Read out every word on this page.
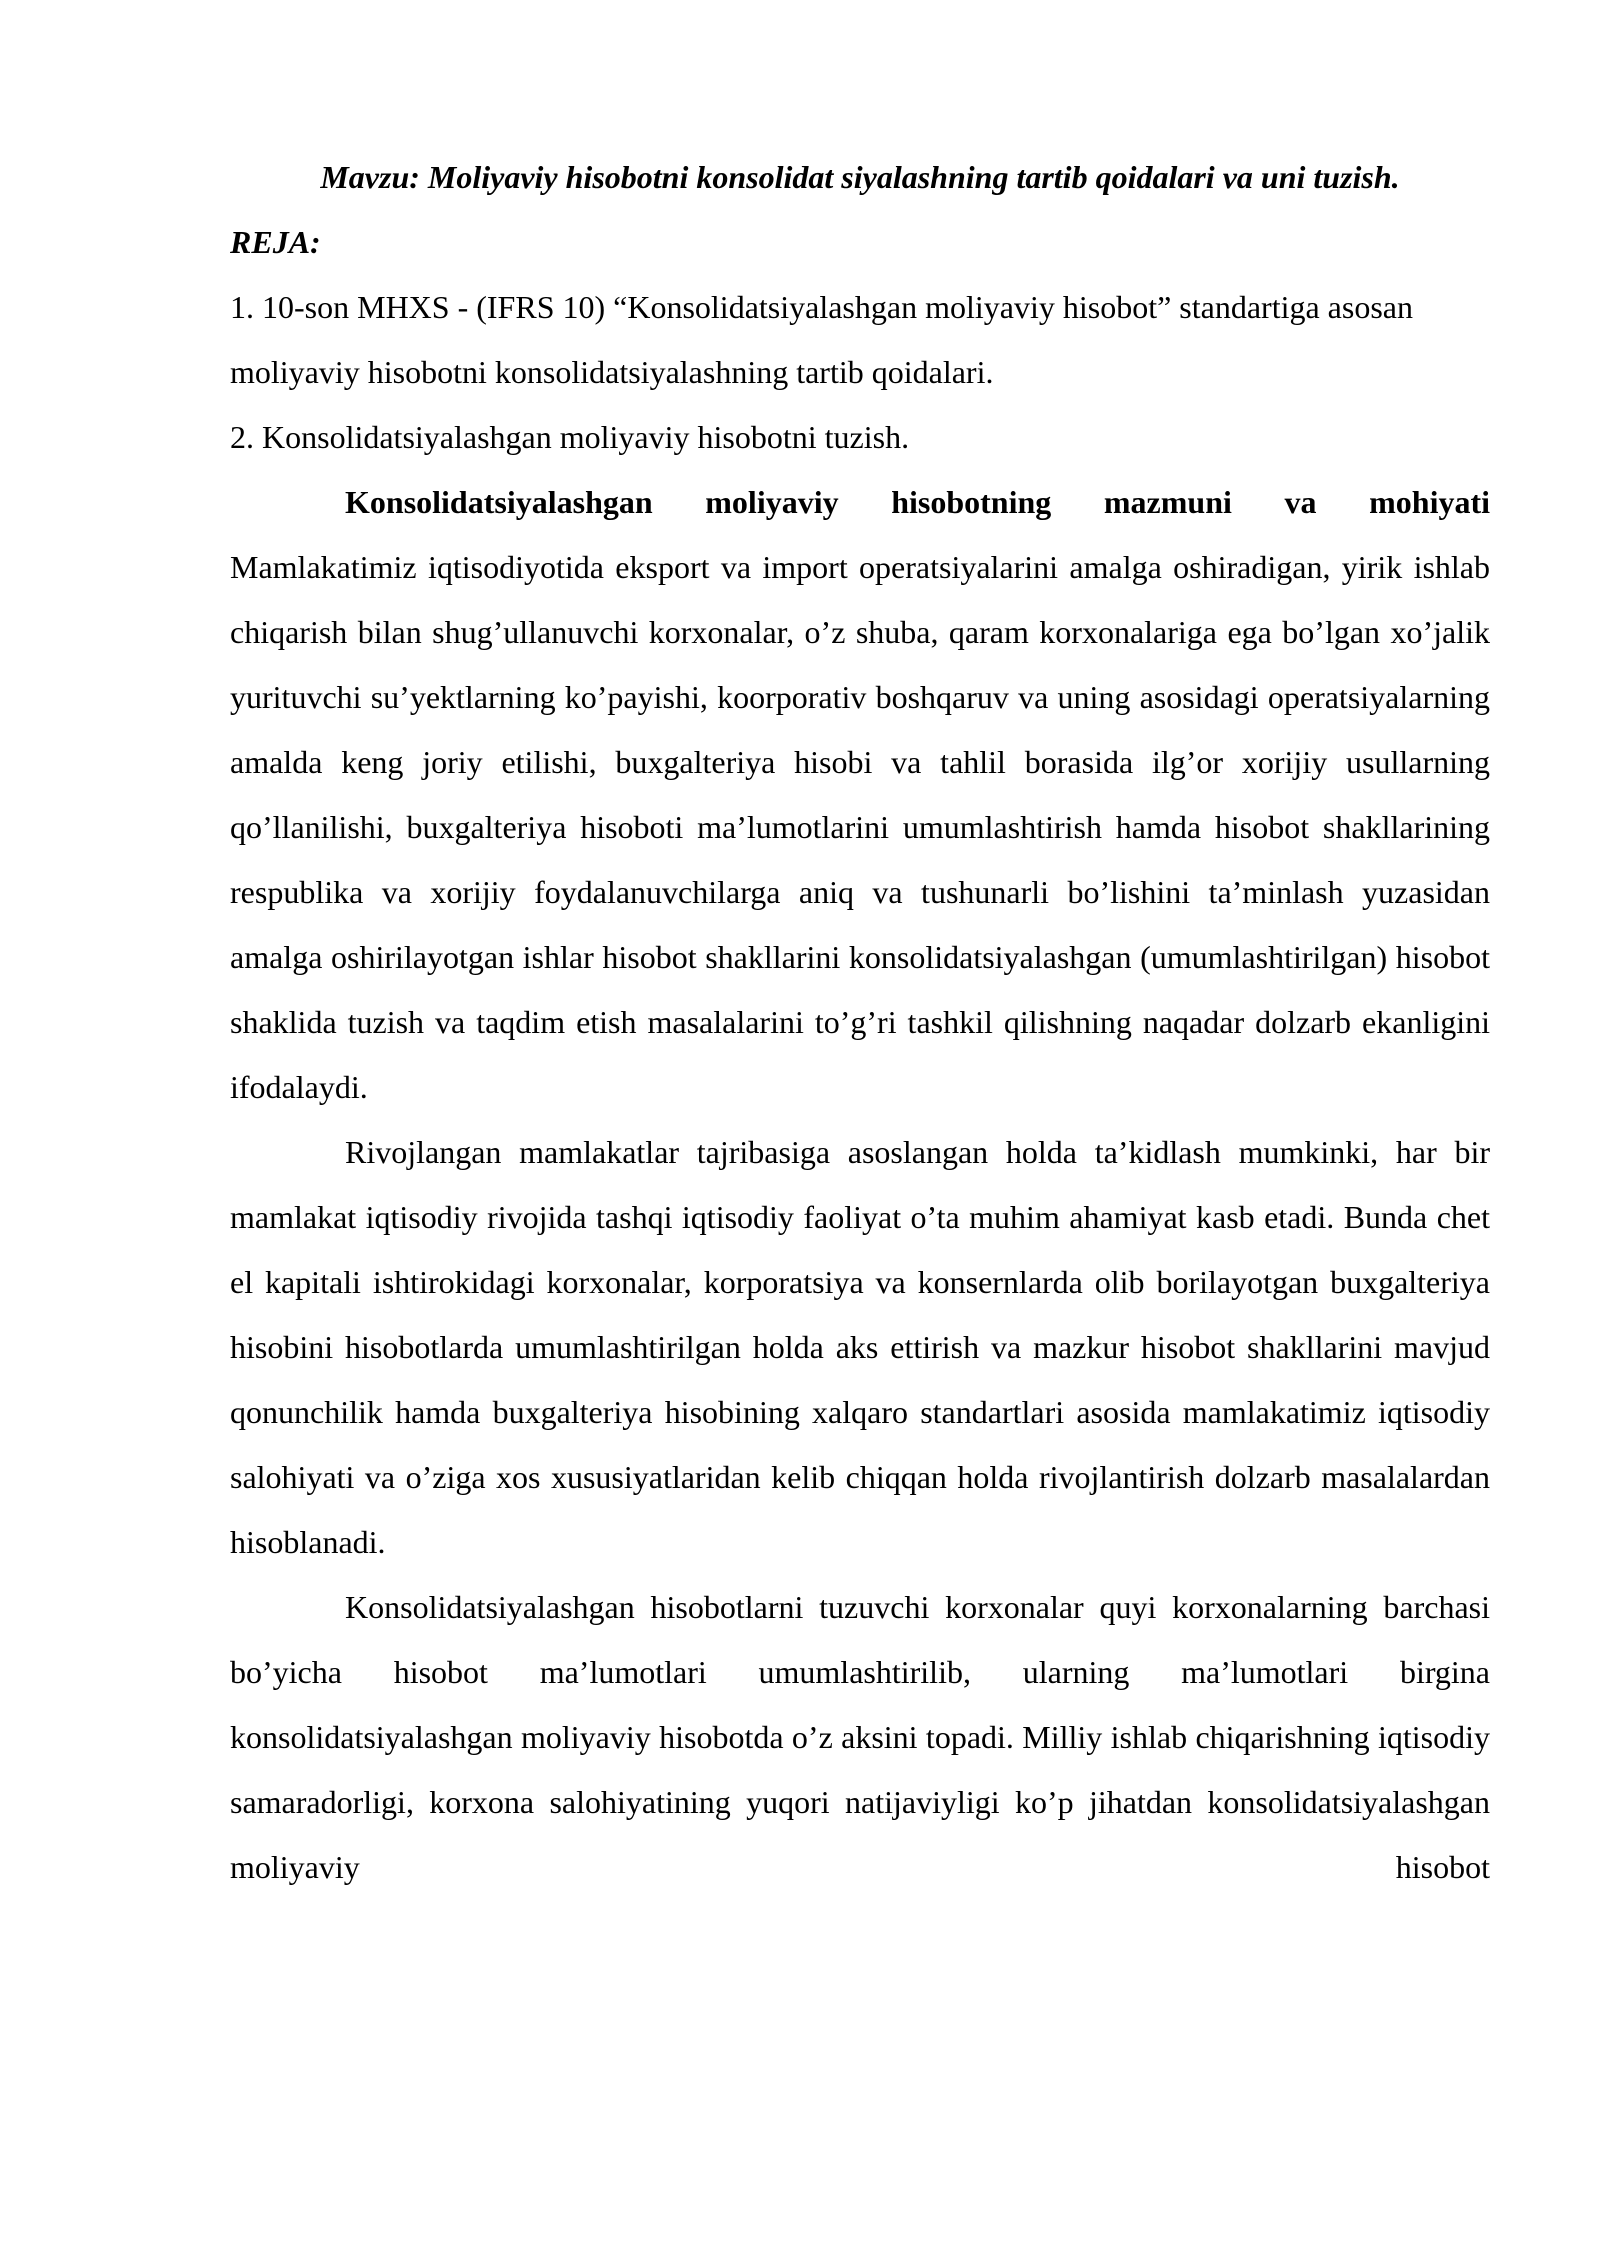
Mavzu: Moliyaviy hisobotni konsolidat siyalashning tartib qoidalari va uni tuzish.

REJA:

1. 10-son MHXS - (IFRS 10) “Konsolidatsiyalashgan moliyaviy hisobot” standartiga asosan moliyaviy hisobotni konsolidatsiyalashning tartib qoidalari.

2. Konsolidatsiyalashgan moliyaviy hisobotni tuzish.

Konsolidatsiyalashgan moliyaviy hisobotning mazmuni va mohiyati

Mamlakatimiz iqtisodiyotida eksport va import operatsiyalarini amalga oshiradigan, yirik ishlab chiqarish bilan shug’ullanuvchi korxonalar, o’z shuba, qaram korxonalariga ega bo’lgan xo’jalik yurituvchi su’yektlarning ko’payishi, koorporativ boshqaruv va uning asosidagi operatsiyalarning amalda keng joriy etilishi, buxgalteriya hisobi va tahlil borasida ilg’or xorijiy usullarning qo’llanilishi, buxgalteriya hisoboti ma’lumotlarini umumlashtirish hamda hisobot shakllarining respublika va xorijiy foydalanuvchilarga aniq va tushunarli bo’lishini ta’minlash yuzasidan amalga oshirilayotgan ishlar hisobot shakllarini konsolidatsiyalashgan (umumlashtirilgan) hisobot shaklida tuzish va taqdim etish masalalarini to’g’ri tashkil qilishning naqadar dolzarb ekanligini ifodalaydi.

Rivojlangan mamlakatlar tajribasiga asoslangan holda ta’kidlash mumkinki, har bir mamlakat iqtisodiy rivojida tashqi iqtisodiy faoliyat o’ta muhim ahamiyat kasb etadi. Bunda chet el kapitali ishtirokidagi korxonalar, korporatsiya va konsernlarda olib borilayotgan buxgalteriya hisobini hisobotlarda umumlashtirilgan holda aks ettirish va mazkur hisobot shakllarini mavjud qonunchilik hamda buxgalteriya hisobining xalqaro standartlari asosida mamlakatimiz iqtisodiy salohiyati va o’ziga xos xususiyatlaridan kelib chiqqan holda rivojlantirish dolzarb masalalardan hisoblanadi.

Konsolidatsiyalashgan hisobotlarni tuzuvchi korxonalar quyi korxonalarning barchasi bo’yicha hisobot ma’lumotlari umumlashtirilib, ularning ma’lumotlari birgina konsolidatsiyalashgan moliyaviy hisobotda o’z aksini topadi. Milliy ishlab chiqarishning iqtisodiy samaradorligi, korxona salohiyatining yuqori natijaviyligi ko’p jihatdan konsolidatsiyalashgan moliyaviy hisobot
